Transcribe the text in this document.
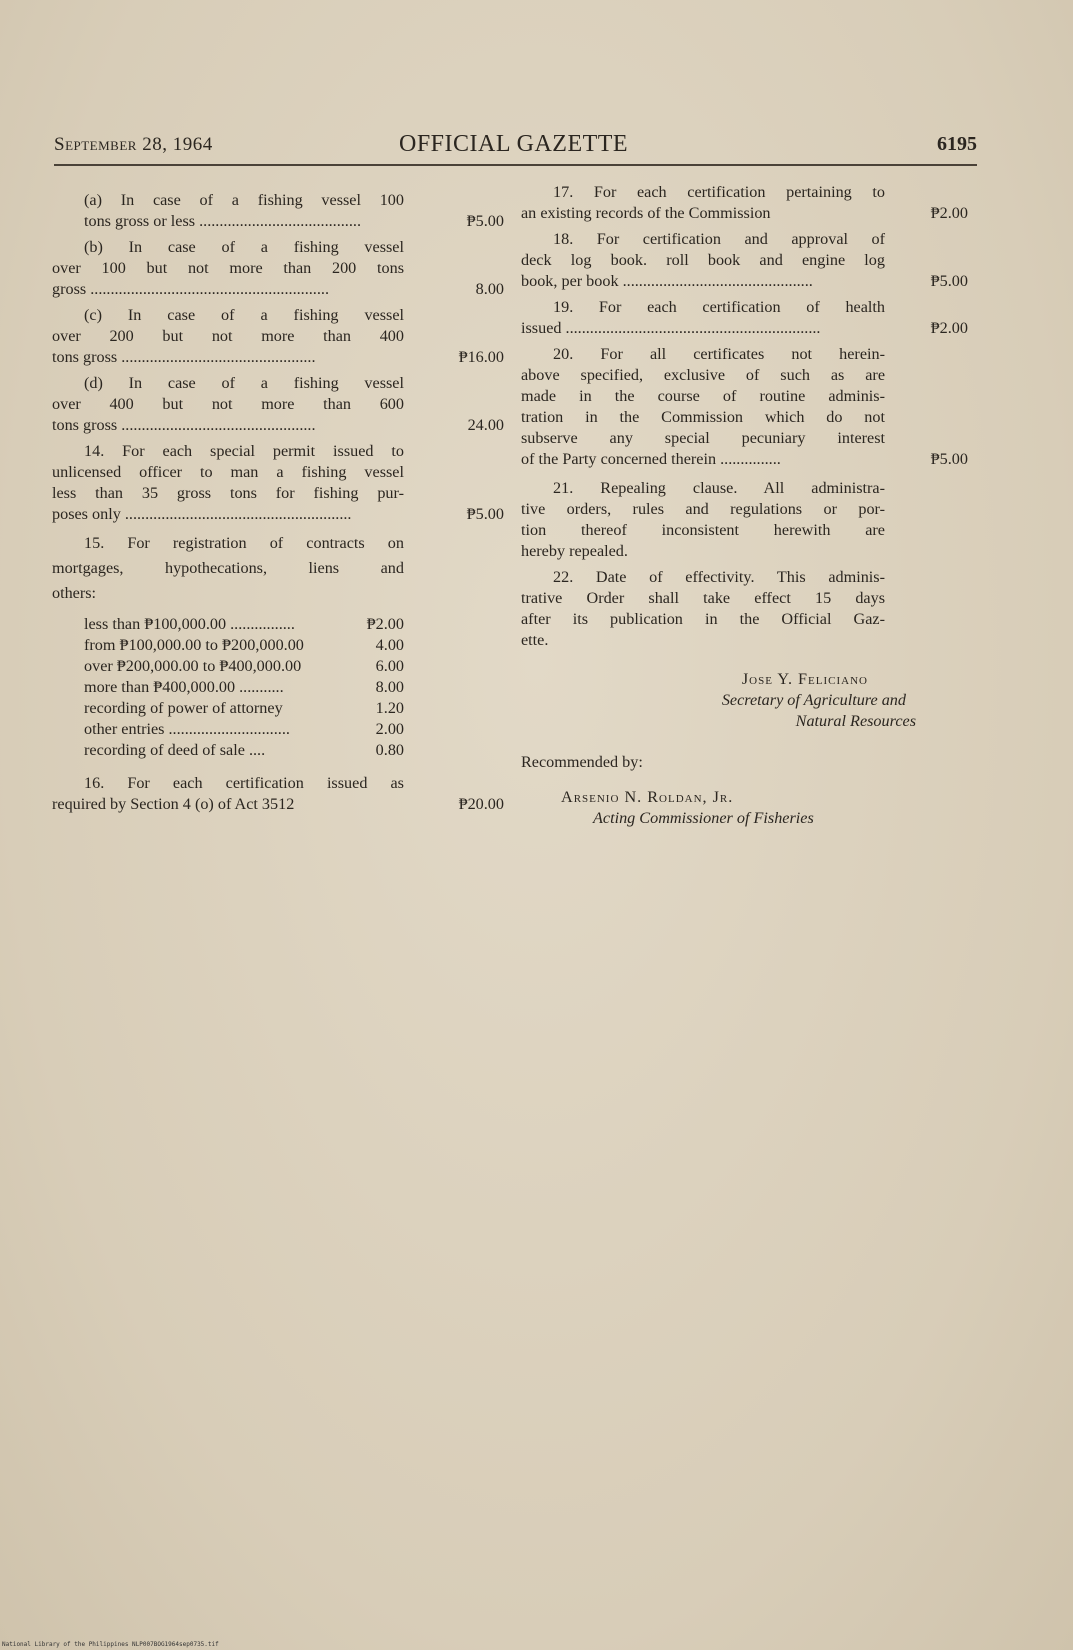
September 28, 1964	OFFICIAL GAZETTE	6195
(a) In case of a fishing vessel 100
tons gross or less ........................................	₱5.00
(b) In case of a fishing vessel
over 100 but not more than 200 tons
gross ...........................................................	8.00
(c) In case of a fishing vessel
over 200 but not more than 400
tons gross ................................................	₱16.00
(d) In case of a fishing vessel
over 400 but not more than 600
tons gross ................................................	24.00
14. For each special permit issued to
unlicensed officer to man a fishing vessel
less than 35 gross tons for fishing pur-
poses only ........................................................	₱5.00
15. For registration of contracts on
mortgages, hypothecations, liens and
others:
less than ₱100,000.00 ................	₱2.00
from ₱100,000.00 to ₱200,000.00	4.00
over ₱200,000.00 to ₱400,000.00	6.00
more than ₱400,000.00 ...........	8.00
recording of power of attorney	1.20
other entries ..............................	2.00
recording of deed of sale ....	0.80
16. For each certification issued as
required by Section 4 (o) of Act 3512	₱20.00
17. For each certification pertaining to
an existing records of the Commission	₱2.00
18. For certification and approval of
deck log book. roll book and engine log
book, per book ...............................................	₱5.00
19. For each certification of health
issued ...............................................................	₱2.00
20. For all certificates not herein-
above specified, exclusive of such as are
made in the course of routine adminis-
tration in the Commission which do not
subserve any special pecuniary interest
of the Party concerned therein ...............	₱5.00
21. Repealing clause. All administra-
tive orders, rules and regulations or por-
tion thereof inconsistent herewith are
hereby repealed.
22. Date of effectivity. This adminis-
trative Order shall take effect 15 days
after its publication in the Official Gaz-
ette.
Jose Y. Feliciano
Secretary of Agriculture and
Natural Resources
Recommended by:
Arsenio N. Roldan, Jr.
Acting Commissioner of Fisheries
National Library of the Philippines NLP007BOG1964sep0735.tif
